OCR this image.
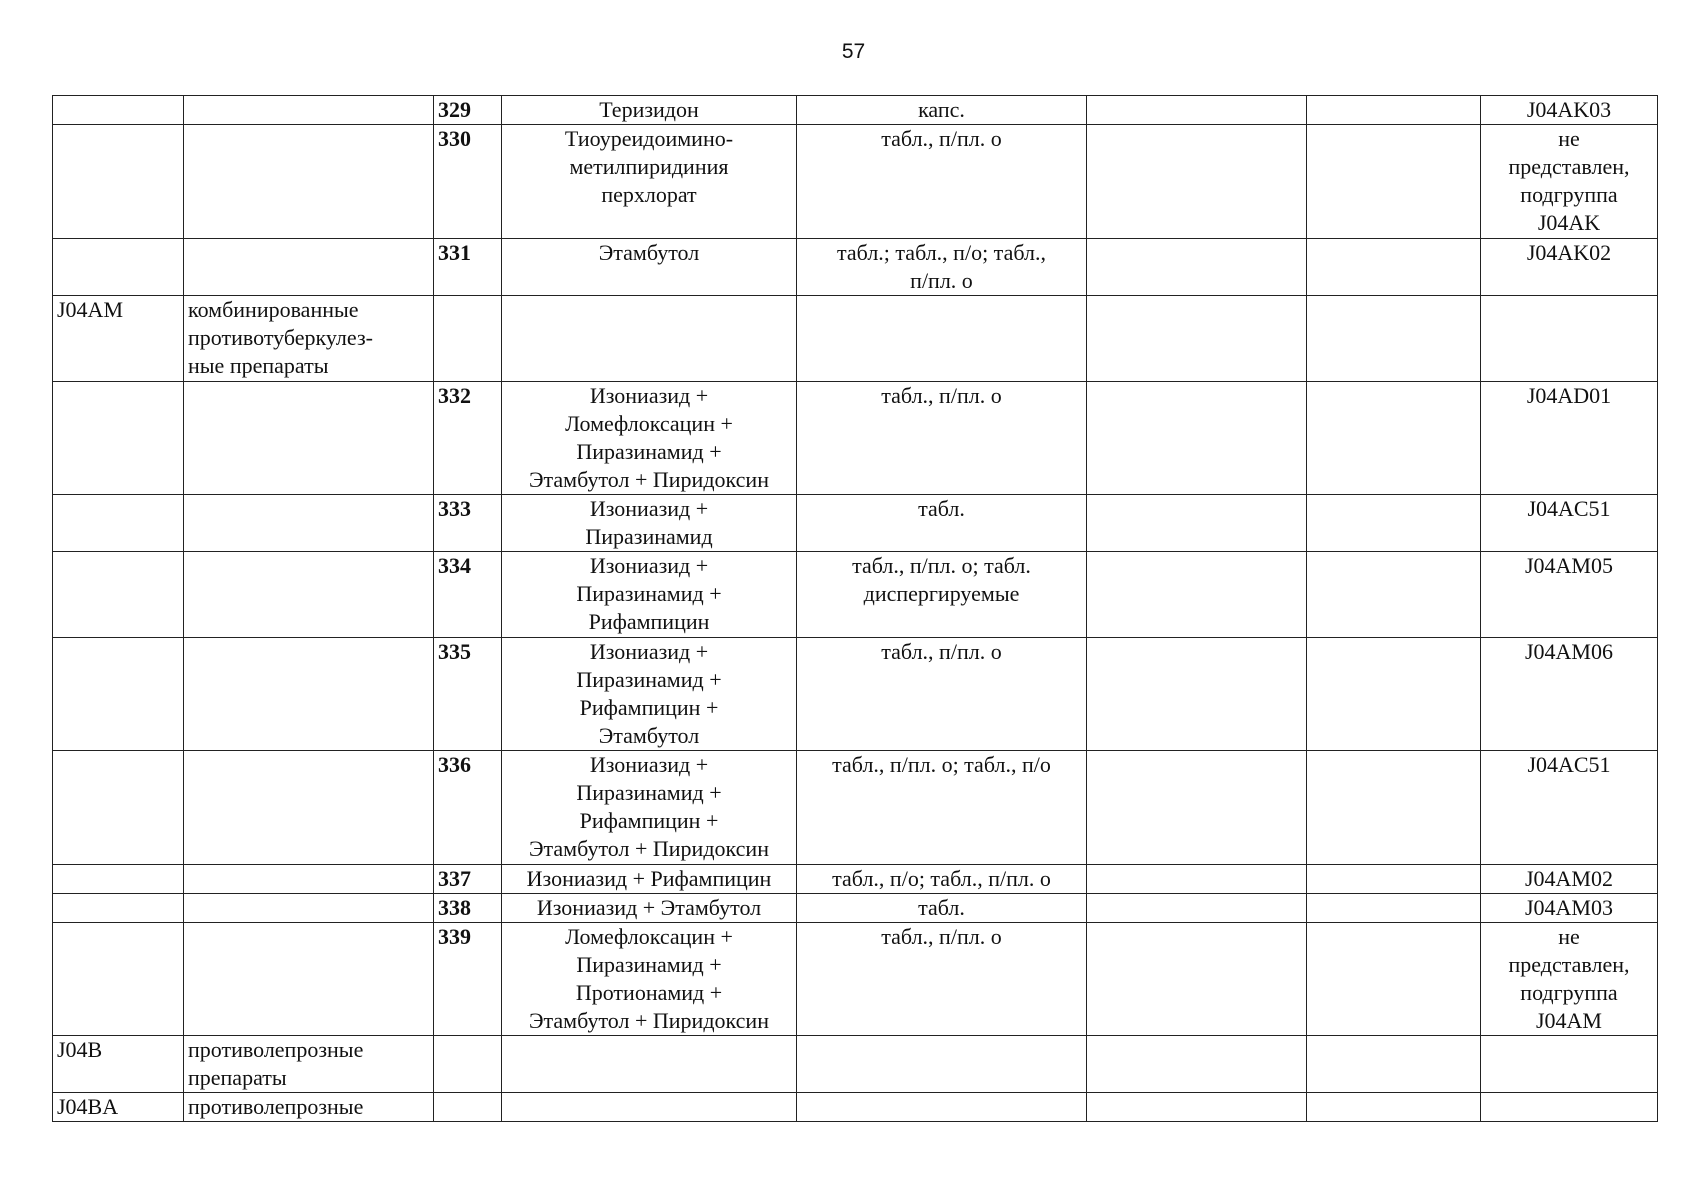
57
		329	Теризидон	капс.			J04AK03
		330	Тиоуреидоимино-
метилпиридиния
перхлорат	табл., п/пл. о			не
представлен,
подгруппа
J04AK
		331	Этамбутол	табл.; табл., п/о; табл.,
п/пл. о			J04AK02
J04AM	комбинированные
противотуберкулез-
ные препараты						
		332	Изониазид +
Ломефлоксацин +
Пиразинамид +
Этамбутол + Пиридоксин	табл., п/пл. о			J04AD01
		333	Изониазид +
Пиразинамид	табл.			J04AC51
		334	Изониазид +
Пиразинамид +
Рифампицин	табл., п/пл. о; табл.
диспергируемые			J04AM05
		335	Изониазид +
Пиразинамид +
Рифампицин +
Этамбутол	табл., п/пл. о			J04AM06
		336	Изониазид +
Пиразинамид +
Рифампицин +
Этамбутол + Пиридоксин	табл., п/пл. о; табл., п/о			J04AC51
		337	Изониазид + Рифампицин	табл., п/о; табл., п/пл. о			J04AM02
		338	Изониазид + Этамбутол	табл.			J04AM03
		339	Ломефлоксацин +
Пиразинамид +
Протионамид +
Этамбутол + Пиридоксин	табл., п/пл. о			не
представлен,
подгруппа
J04AM
J04B	противолепрозные
препараты						
J04BA	противолепрозные						
